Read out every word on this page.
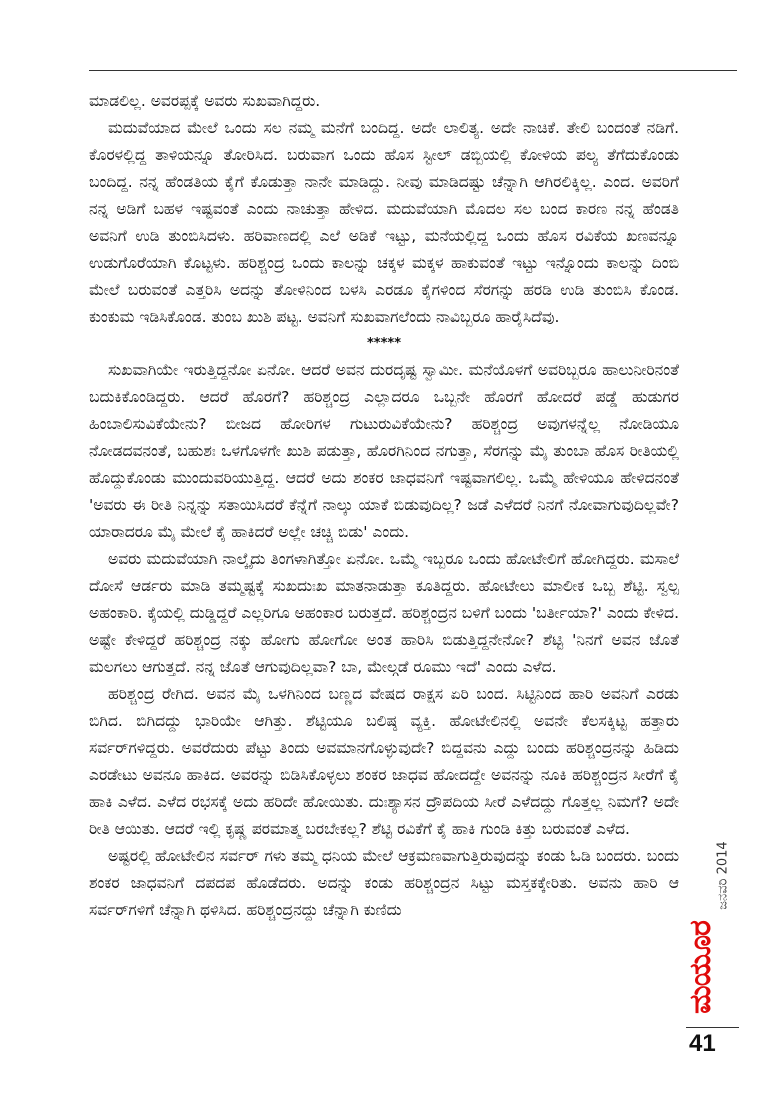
ಮಾಡಲಿಲ್ಲ. ಅವರಪ್ಪಕ್ಕೆ ಅವರು ಸುಖವಾಗಿದ್ದರು.

ಮದುವೆಯಾದ ಮೇಲೆ ಒಂದು ಸಲ ನಮ್ಮ ಮನೆಗೆ ಬಂದಿದ್ದ. ಅದೇ ಲಾಲಿತ್ಯ. ಅದೇ ನಾಚಿಕೆ. ತೇಲಿ ಬಂದಂತೆ ನಡಿಗೆ. ಕೊರಳಲ್ಲಿದ್ದ ತಾಳಿಯನ್ನೂ ತೋರಿಸಿದ. ಬರುವಾಗ ಒಂದು ಹೊಸ ಸ್ಟೀಲ್ ಡಬ್ಬಿಯಲ್ಲಿ ಕೋಳಿಯ ಪಲ್ಯ ತೆಗೆದುಕೊಂಡು ಬಂದಿದ್ದ. ನನ್ನ ಹೆಂಡತಿಯ ಕೈಗೆ ಕೊಡುತ್ತಾ ನಾನೇ ಮಾಡಿದ್ದು. ನೀವು ಮಾಡಿದಷ್ಟು ಚೆನ್ನಾಗಿ ಆಗಿರಲಿಕ್ಕಿಲ್ಲ. ಎಂದ. ಅವರಿಗೆ ನನ್ನ ಅಡಿಗೆ ಬಹಳ ಇಷ್ಟವಂತೆ ಎಂದು ನಾಚುತ್ತಾ ಹೇಳಿದ. ಮದುವೆಯಾಗಿ ಮೊದಲ ಸಲ ಬಂದ ಕಾರಣ ನನ್ನ ಹೆಂಡತಿ ಅವನಿಗೆ ಉಡಿ ತುಂಬಿಸಿದಳು. ಹರಿವಾಣದಲ್ಲಿ ಎಲೆ ಅಡಿಕೆ ಇಟ್ಟು, ಮನೆಯಲ್ಲಿದ್ದ ಒಂದು ಹೊಸ ರವಿಕೆಯ ಖಣವನ್ನೂ ಉಡುಗೊರೆಯಾಗಿ ಕೊಟ್ಟಳು. ಹರಿಶ್ಚಂದ್ರ ಒಂದು ಕಾಲನ್ನು ಚಕ್ಕಳ ಮಕ್ಕಳ ಹಾಕುವಂತೆ ಇಟ್ಟು ಇನ್ನೊಂದು ಕಾಲನ್ನು ದಿಂಬಿ ಮೇಲೆ ಬರುವಂತೆ ಎತ್ತರಿಸಿ ಅದನ್ನು ತೋಳಿನಿಂದ ಬಳಸಿ ಎರಡೂ ಕೈಗಳಿಂದ ಸೆರಗನ್ನು ಹರಡಿ ಉಡಿ ತುಂಬಿಸಿ ಕೊಂಡ. ಕುಂಕುಮ ಇಡಿಸಿಕೊಂಡ. ತುಂಬ ಖುಶಿ ಪಟ್ಟ. ಅವನಿಗೆ ಸುಖವಾಗಲೆಂದು ನಾವಿಬ್ಬರೂ ಹಾರೈಸಿದೆವು.

*****

ಸುಖವಾಗಿಯೇ ಇರುತ್ತಿದ್ದನೋ ಏನೋ. ಆದರೆ ಅವನ ದುರದೃಷ್ಟ ಸ್ವಾಮೀ. ಮನೆಯೊಳಗೆ ಅವರಿಬ್ಬರೂ ಹಾಲುನೀರಿನಂತೆ ಬದುಕಿಕೊಂಡಿದ್ದರು. ಆದರೆ ಹೊರಗೆ? ಹರಿಶ್ಚಂದ್ರ ಎಲ್ಲಾದರೂ ಒಬ್ಬನೇ ಹೊರಗೆ ಹೋದರೆ ಪಡ್ಡೆ ಹುಡುಗರ ಹಿಂಬಾಲಿಸುವಿಕೆಯೇನು? ಬೀಜದ ಹೋರಿಗಳ ಗುಟುರುವಿಕೆಯೇನು? ಹರಿಶ್ಚಂದ್ರ ಅವುಗಳನ್ನೆಲ್ಲ ನೋಡಿಯೂ ನೋಡದವನಂತೆ, ಬಹುಶಃ ಒಳಗೊಳಗೇ ಖುಶಿ ಪಡುತ್ತಾ, ಹೊರಗಿನಿಂದ ನಗುತ್ತಾ, ಸೆರಗನ್ನು ಮೈ ತುಂಬಾ ಹೊಸ ರೀತಿಯಲ್ಲಿ ಹೊದ್ದುಕೊಂಡು ಮುಂದುವರಿಯುತ್ತಿದ್ದ. ಆದರೆ ಅದು ಶಂಕರ ಜಾಧವನಿಗೆ ಇಷ್ಟವಾಗಲಿಲ್ಲ. ಒಮ್ಮೆ ಹೇಳಿಯೂ ಹೇಳಿದನಂತೆ 'ಅವರು ಈ ರೀತಿ ನಿನ್ನನ್ನು ಸತಾಯಿಸಿದರೆ ಕೆನ್ನೆಗೆ ನಾಲ್ಕು ಯಾಕೆ ಬಿಡುವುದಿಲ್ಲ? ಜಡೆ ಎಳೆದರೆ ನಿನಗೆ ನೋವಾಗುವುದಿಲ್ಲವೇ? ಯಾರಾದರೂ ಮೈ ಮೇಲೆ ಕೈ ಹಾಕಿದರೆ ಅಲ್ಲೇ ಚಚ್ಚಿ ಬಿಡು' ಎಂದು.

ಅವರು ಮದುವೆಯಾಗಿ ನಾಲ್ಕೈದು ತಿಂಗಳಾಗಿತ್ತೋ ಏನೋ. ಒಮ್ಮೆ ಇಬ್ಬರೂ ಒಂದು ಹೋಟೇಲಿಗೆ ಹೋಗಿದ್ದರು. ಮಸಾಲೆ ದೋಸೆ ಆರ್ಡರು ಮಾಡಿ ತಮ್ಮಷ್ಟಕ್ಕೆ ಸುಖದುಃಖ ಮಾತನಾಡುತ್ತಾ ಕೂತಿದ್ದರು. ಹೋಟೇಲು ಮಾಲೀಕ ಒಬ್ಬ ಶೆಟ್ಟಿ. ಸ್ವಲ್ಪ ಅಹಂಕಾರಿ. ಕೈಯಲ್ಲಿ ದುಡ್ಡಿದ್ದರೆ ಎಲ್ಲರಿಗೂ ಅಹಂಕಾರ ಬರುತ್ತದೆ. ಹರಿಶ್ಚಂದ್ರನ ಬಳಿಗೆ ಬಂದು 'ಬರ್ತೀಯಾ?' ಎಂದು ಕೇಳಿದ. ಅಷ್ಟೇ ಕೇಳಿದ್ದರೆ ಹರಿಶ್ಚಂದ್ರ ನಕ್ಕು ಹೋಗು ಹೋಗೋ ಅಂತ ಹಾರಿಸಿ ಬಿಡುತ್ತಿದ್ದನೇನೋ? ಶೆಟ್ಟಿ 'ನಿನಗೆ ಅವನ ಜೊತೆ ಮಲಗಲು ಆಗುತ್ತದೆ. ನನ್ನ ಜೊತೆ ಆಗುವುದಿಲ್ಲವಾ? ಬಾ, ಮೇಲ್ಗಡೆ ರೂಮು ಇದೆ' ಎಂದು ಎಳೆದ.

ಹರಿಶ್ಚಂದ್ರ ರೇಗಿದ. ಅವನ ಮೈ ಒಳಗಿನಿಂದ ಬಣ್ಣದ ವೇಷದ ರಾಕ್ಷಸ ಏರಿ ಬಂದ. ಸಿಟ್ಟಿನಿಂದ ಹಾರಿ ಅವನಿಗೆ ಎರಡು ಬಿಗಿದ. ಬಿಗಿದದ್ದು ಭಾರಿಯೇ ಆಗಿತ್ತು. ಶೆಟ್ಟಿಯೂ ಬಲಿಷ್ಠ ವ್ಯಕ್ತಿ. ಹೋಟೇಲಿನಲ್ಲಿ ಅವನೇ ಕೆಲಸಕ್ಕಿಟ್ಟ ಹತ್ತಾರು ಸರ್ವರ್‌ಗಳಿದ್ದರು. ಅವರೆದುರು ಪೆಟ್ಟು ತಿಂದು ಅವಮಾನಗೊಳ್ಳುವುದೇ? ಬಿದ್ದವನು ಎದ್ದು ಬಂದು ಹರಿಶ್ಚಂದ್ರನನ್ನು ಹಿಡಿದು ಎರಡೇಟು ಅವನೂ ಹಾಕಿದ. ಅವರನ್ನು ಬಿಡಿಸಿಕೊಳ್ಳಲು ಶಂಕರ ಜಾಧವ ಹೋದದ್ದೇ ಅವನನ್ನು ನೂಕಿ ಹರಿಶ್ಚಂದ್ರನ ಸೀರೆಗೆ ಕೈ ಹಾಕಿ ಎಳೆದ. ಎಳೆದ ರಭಸಕ್ಕೆ ಅದು ಹರಿದೇ ಹೋಯಿತು. ದುಃಶ್ಯಾಸನ ದ್ರೌಪದಿಯ ಸೀರೆ ಎಳೆದದ್ದು ಗೊತ್ತಲ್ಲ ನಿಮಗೆ? ಅದೇ ರೀತಿ ಆಯಿತು. ಆದರೆ ಇಲ್ಲಿ ಕೃಷ್ಣ ಪರಮಾತ್ಮ ಬರಬೇಕಲ್ಲ? ಶೆಟ್ಟಿ ರವಿಕೆಗೆ ಕೈ ಹಾಕಿ ಗುಂಡಿ ಕಿತ್ತು ಬರುವಂತೆ ಎಳೆದ.

ಅಷ್ಟರಲ್ಲಿ ಹೋಟೇಲಿನ ಸರ್ವರ್ ಗಳು ತಮ್ಮ ಧನಿಯ ಮೇಲೆ ಆಕ್ರಮಣವಾಗುತ್ತಿರುವುದನ್ನು ಕಂಡು ಓಡಿ ಬಂದರು. ಬಂದು ಶಂಕರ ಜಾಧವನಿಗೆ ದಪದಪ ಹೊಡೆದರು. ಅದನ್ನು ಕಂಡು ಹರಿಶ್ಚಂದ್ರನ ಸಿಟ್ಟು ಮಸ್ತಕಕ್ಕೇರಿತು. ಅವನು ಹಾರಿ ಆ ಸರ್ವರ್‌ಗಳಿಗೆ ಚೆನ್ನಾಗಿ ಥಳಿಸಿದ. ಹರಿಶ್ಚಂದ್ರನದ್ದು ಚೆನ್ನಾಗಿ ಕುಣಿದು

ಜನವರಿ 2014
ಮಯೂರ
41
